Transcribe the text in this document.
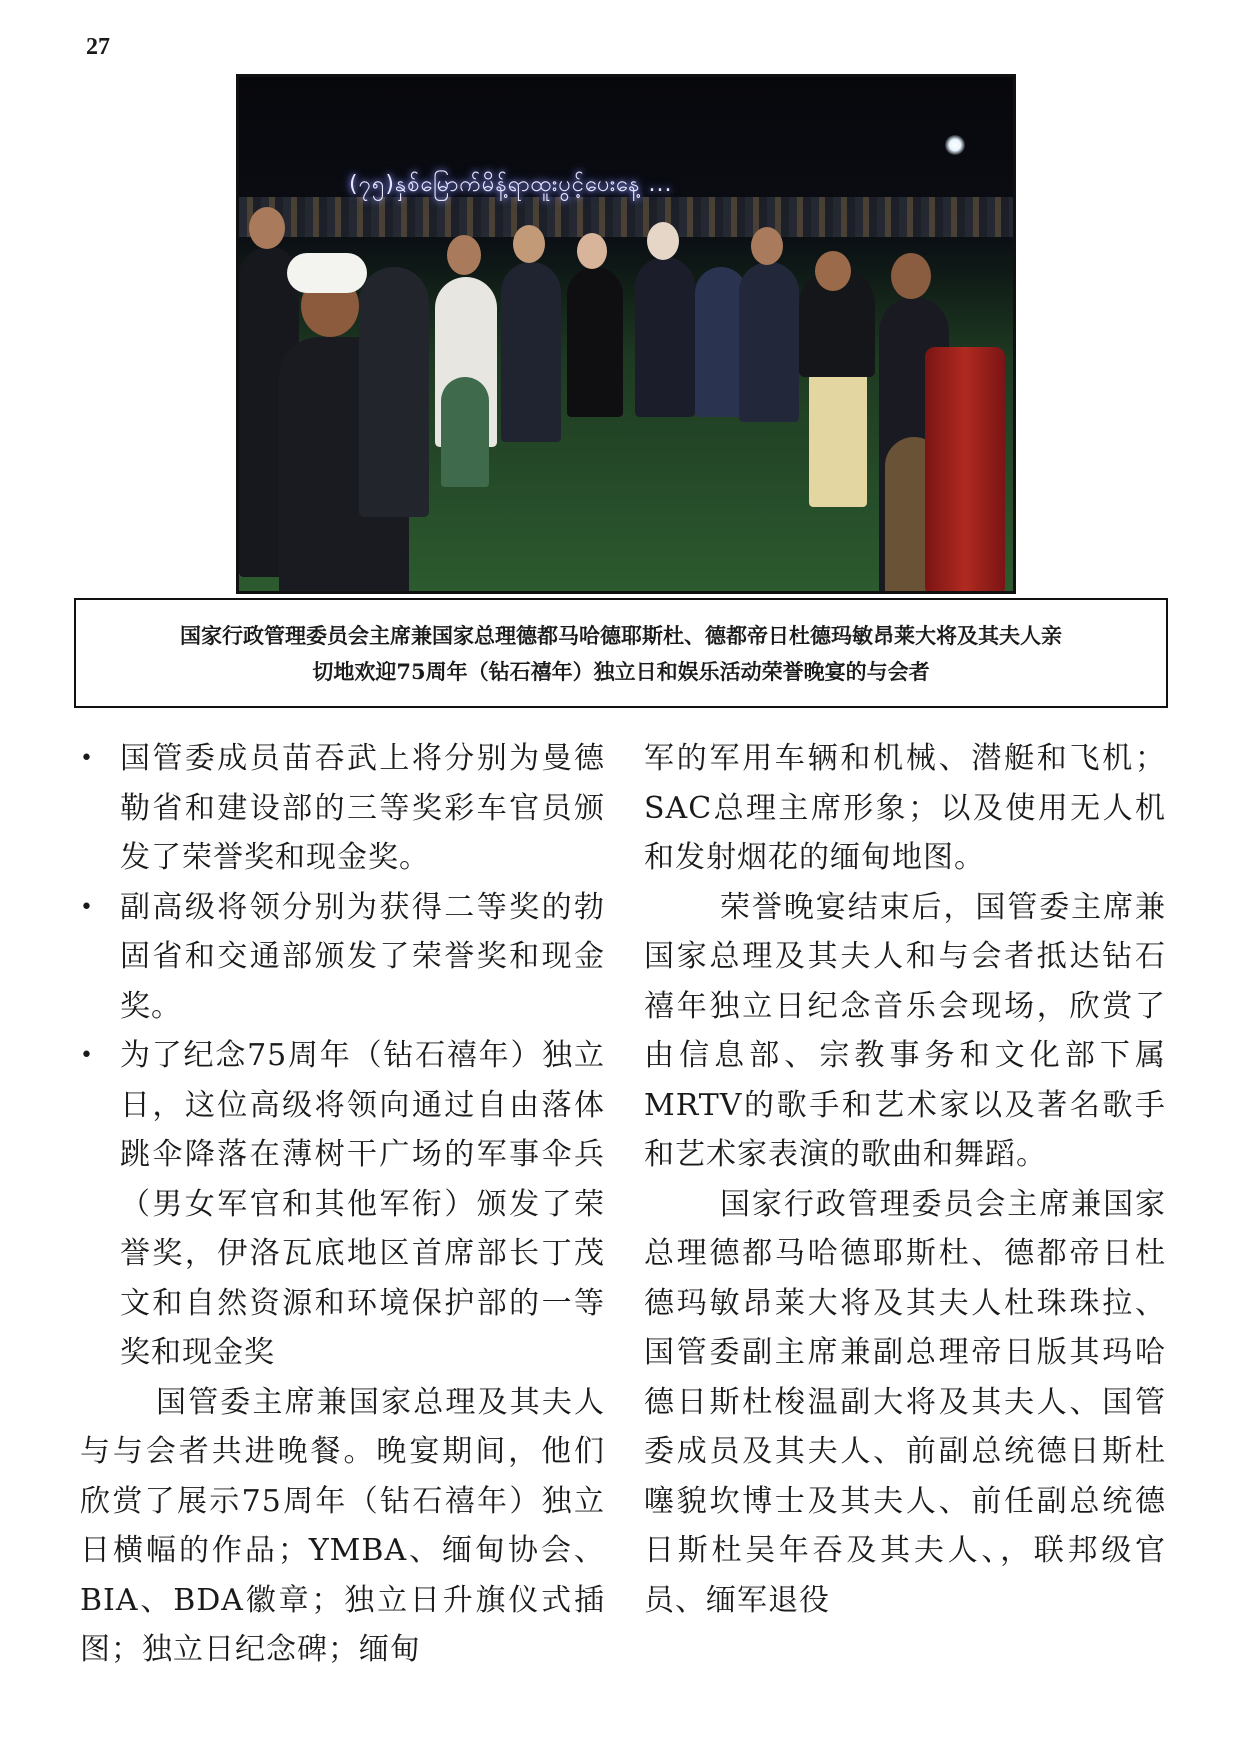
27
(၇၅)နှစ်မြောက်မိန့်ရာထူးပွင့်ပေးနေ့ ...
国家行政管理委员会主席兼国家总理德都马哈德耶斯杜、德都帝日杜德玛敏昂莱大将及其夫人亲
切地欢迎75周年（钻石禧年）独立日和娱乐活动荣誉晚宴的与会者

• 国管委成员苗吞武上将分别为曼德勒省和建设部的三等奖彩车官员颁发了荣誉奖和现金奖。

• 副高级将领分别为获得二等奖的勃固省和交通部颁发了荣誉奖和现金奖。

• 为了纪念75周年（钻石禧年）独立日，这位高级将领向通过自由落体跳伞降落在薄树干广场的军事伞兵（男女军官和其他军衔）颁发了荣誉奖，伊洛瓦底地区首席部长丁茂文和自然资源和环境保护部的一等奖和现金奖

国管委主席兼国家总理及其夫人与与会者共进晚餐。晚宴期间，他们欣赏了展示75周年（钻石禧年）独立日横幅的作品；YMBA、缅甸协会、BIA、BDA徽章；独立日升旗仪式插图；独立日纪念碑；缅甸

军的军用车辆和机械、潜艇和飞机；SAC总理主席形象；以及使用无人机和发射烟花的缅甸地图。

荣誉晚宴结束后，国管委主席兼国家总理及其夫人和与会者抵达钻石禧年独立日纪念音乐会现场，欣赏了由信息部、宗教事务和文化部下属MRTV的歌手和艺术家以及著名歌手和艺术家表演的歌曲和舞蹈。

国家行政管理委员会主席兼国家总理德都马哈德耶斯杜、德都帝日杜德玛敏昂莱大将及其夫人杜珠珠拉、国管委副主席兼副总理帝日版其玛哈德日斯杜梭温副大将及其夫人、国管委成员及其夫人、前副总统德日斯杜噻貌坎博士及其夫人、前任副总统德日斯杜吴年吞及其夫人、，联邦级官员、缅军退役
